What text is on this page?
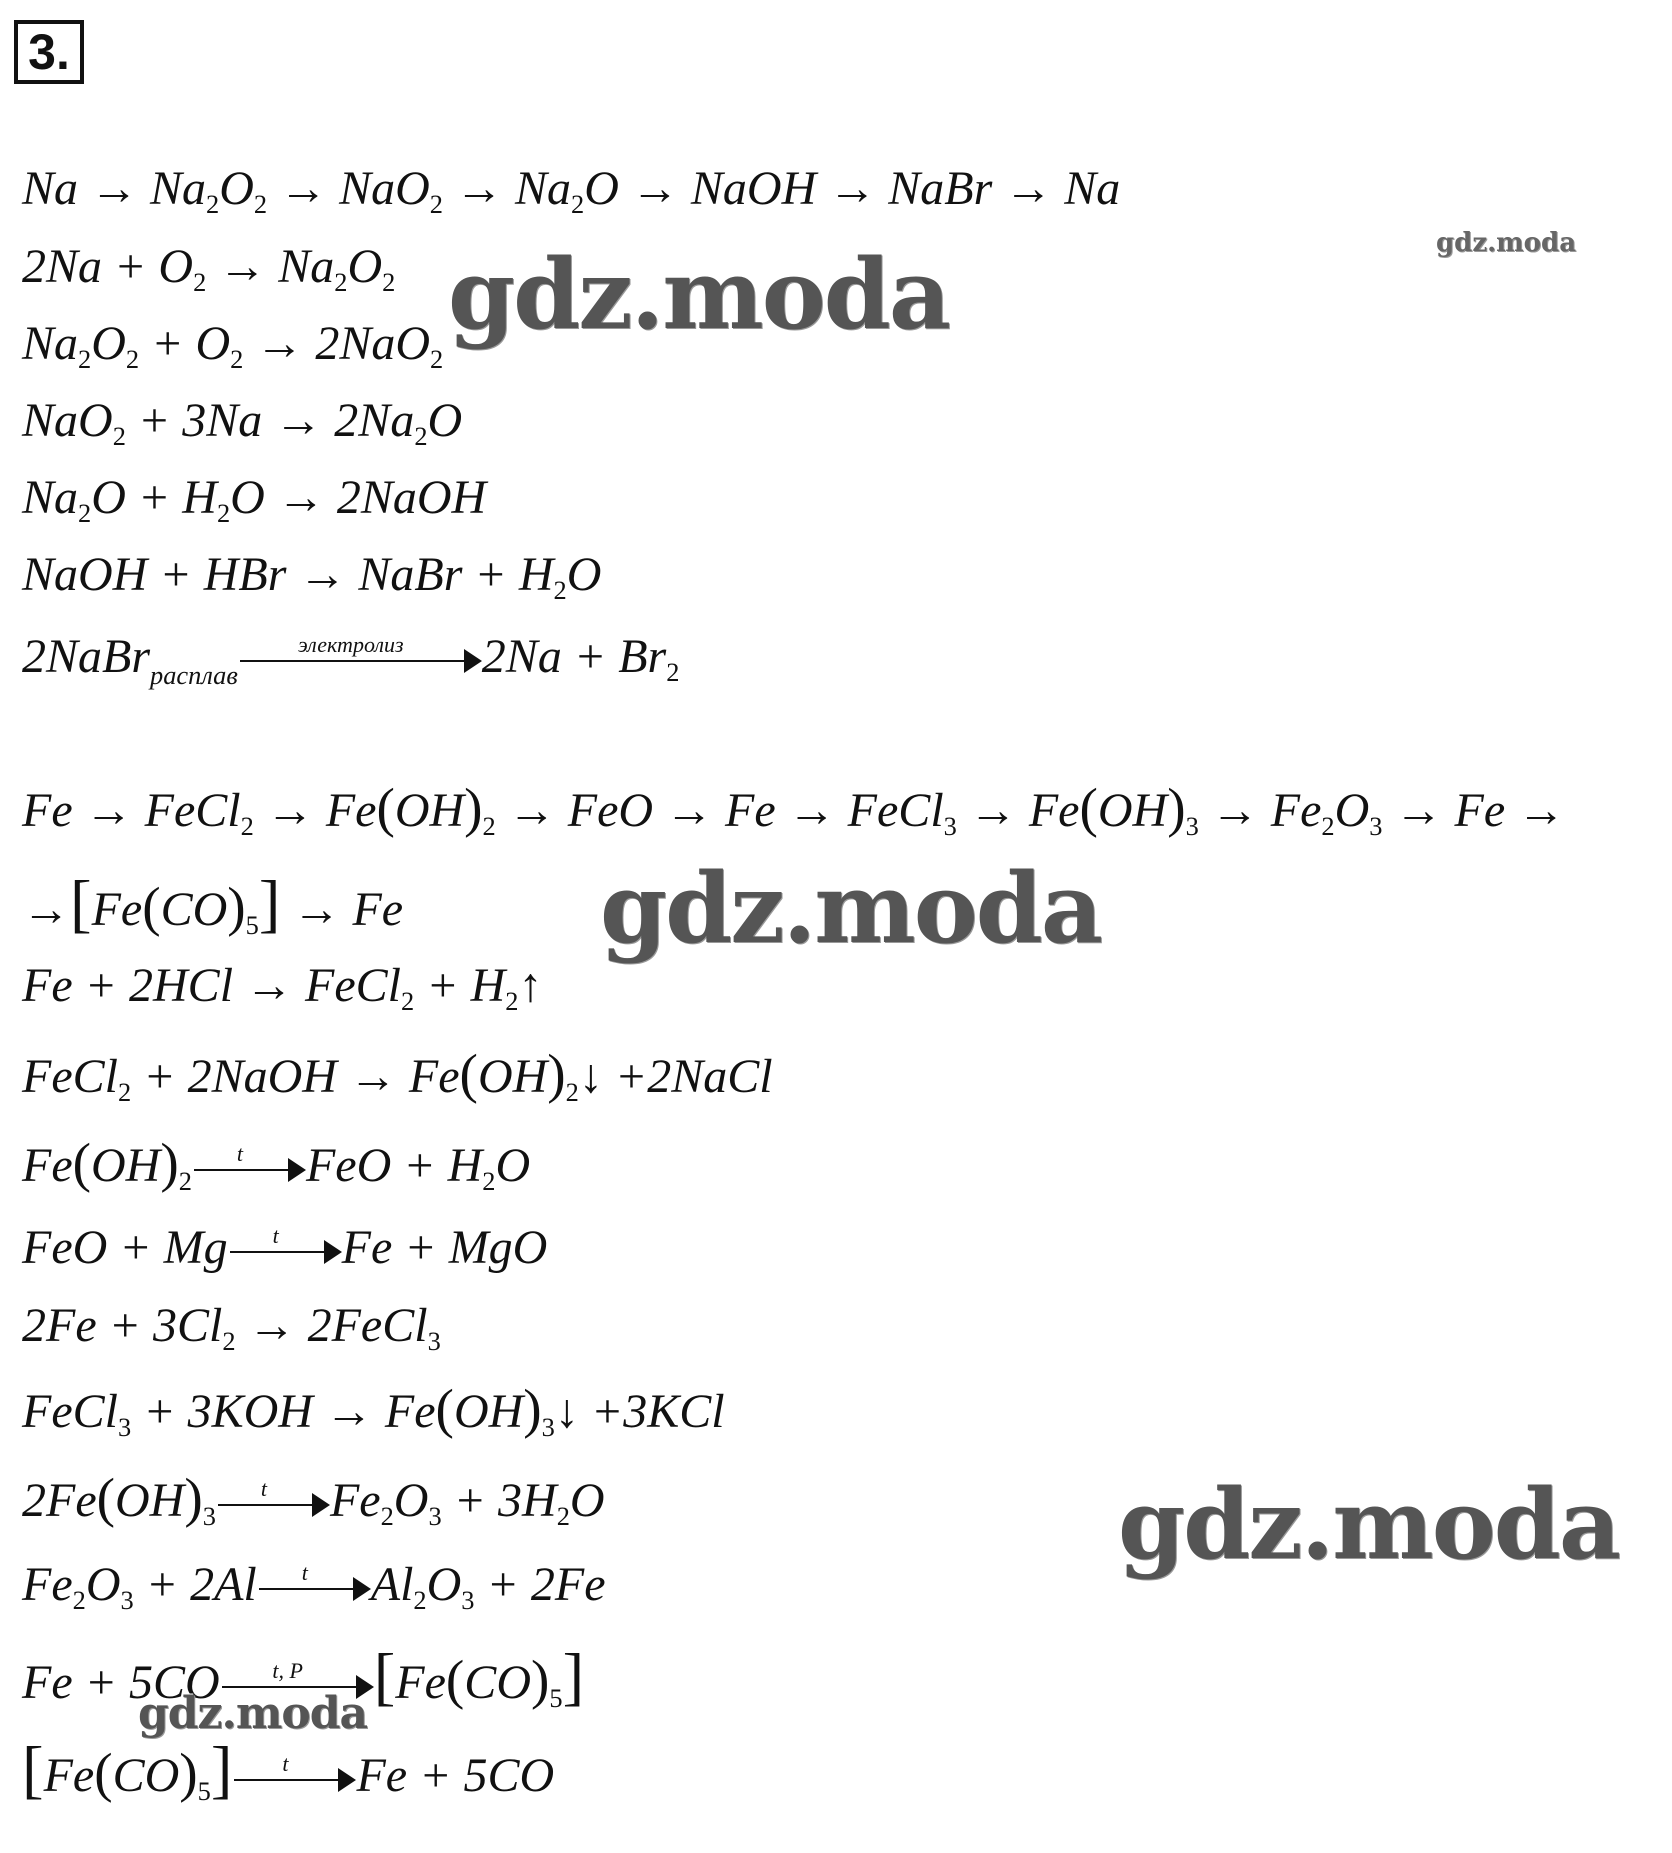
3.
$Na \to Na_2O_2 \to NaO_2 \to Na_2O$ → NaOH → NaBr → Na
$2Na + O_2 \to Na_2O_2$
$Na_2O_2 + O_2 \to 2NaO_2$
$NaO_2 + 3Na \to 2Na_2O$
$Na_2O + H_2O$ → 2NaOH
NaOH + HBr → NaBr + $H_2O$
2NaBr$_{расплав}$
электролиз	$2Na + Br_2$
Fe → FeCl$_2$ → $Fe(OH)_2$ → FeO → Fe → FeCl$_3$ → $Fe(OH)_3 \to Fe_2O_3 \to Fe$ →
$\to[Fe(CO)_5] \to Fe$
Fe + 2HCl → FeCl$_2$ + $H_2↑$
FeCl$_2$ + 2NaOH → $Fe(OH)_2↓$ +2NaCl
$Fe(OH)_2$
t	FeO + $H_2O$
FeO + Mg	t	Fe + MgO
$2Fe + 3Cl_2$ → 2FeCl$_3$
FeCl$_3$ + $3KOH \to Fe(OH)_3↓ +3KCl$
$2Fe(OH)_3$
t	$Fe_2O_3 + 3H_2O$
$Fe_2O_3 + 2Al$	t	$Al_2O_3 + 2Fe$
Fe + 5CO	t, P	$[Fe(CO)_5]$
$[Fe(CO)_5]$	t	Fe + 5CO
gdz.moda
gdz.moda
gdz.moda
gdz.moda
gdz.moda
